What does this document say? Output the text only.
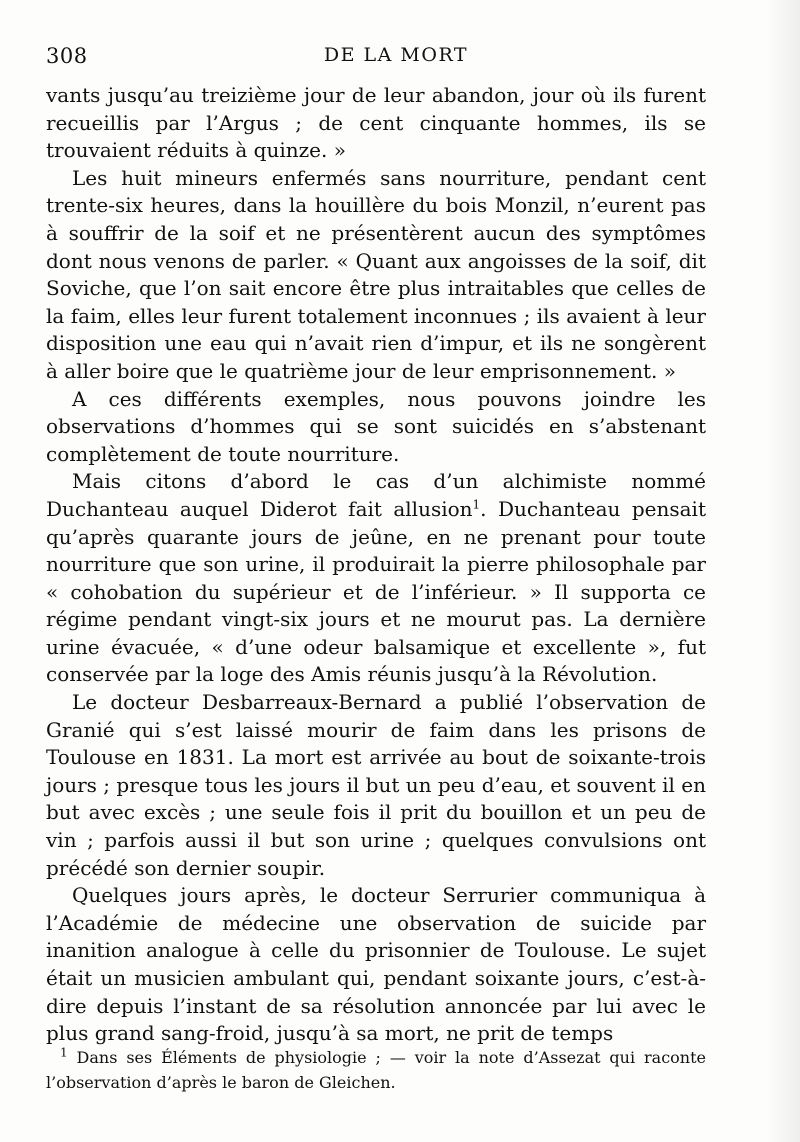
308	DE LA MORT

vants jusqu’au treizième jour de leur abandon, jour où ils furent recueillis par l’Argus ; de cent cinquante hommes, ils se trouvaient réduits à quinze. »

Les huit mineurs enfermés sans nourriture, pendant cent trente-six heures, dans la houillère du bois Monzil, n’eurent pas à souffrir de la soif et ne présentèrent aucun des symptômes dont nous venons de parler. « Quant aux angoisses de la soif, dit Soviche, que l’on sait encore être plus intraitables que celles de la faim, elles leur furent totalement inconnues ; ils avaient à leur disposition une eau qui n’avait rien d’impur, et ils ne songèrent à aller boire que le quatrième jour de leur emprisonnement. »

A ces différents exemples, nous pouvons joindre les observations d’hommes qui se sont suicidés en s’abstenant complètement de toute nourriture.

Mais citons d’abord le cas d’un alchimiste nommé Duchanteau auquel Diderot fait allusion$^1$. Duchanteau pensait qu’après quarante jours de jeûne, en ne prenant pour toute nourriture que son urine, il produirait la pierre philosophale par « cohobation du supérieur et de l’inférieur. » Il supporta ce régime pendant vingt-six jours et ne mourut pas. La dernière urine évacuée, « d’une odeur balsamique et excellente », fut conservée par la loge des Amis réunis jusqu’à la Révolution.

Le docteur Desbarreaux-Bernard a publié l’observation de Granié qui s’est laissé mourir de faim dans les prisons de Toulouse en 1831. La mort est arrivée au bout de soixante-trois jours ; presque tous les jours il but un peu d’eau, et souvent il en but avec excès ; une seule fois il prit du bouillon et un peu de vin ; parfois aussi il but son urine ; quelques convulsions ont précédé son dernier soupir.

Quelques jours après, le docteur Serrurier communiqua à l’Académie de médecine une observation de suicide par inanition analogue à celle du prisonnier de Toulouse. Le sujet était un musicien ambulant qui, pendant soixante jours, c’est-à-dire depuis l’instant de sa résolution annoncée par lui avec le plus grand sang-froid, jusqu’à sa mort, ne prit de temps

$^1$ Dans ses Éléments de physiologie ; — voir la note d’Assezat qui raconte l’observation d’après le baron de Gleichen.
